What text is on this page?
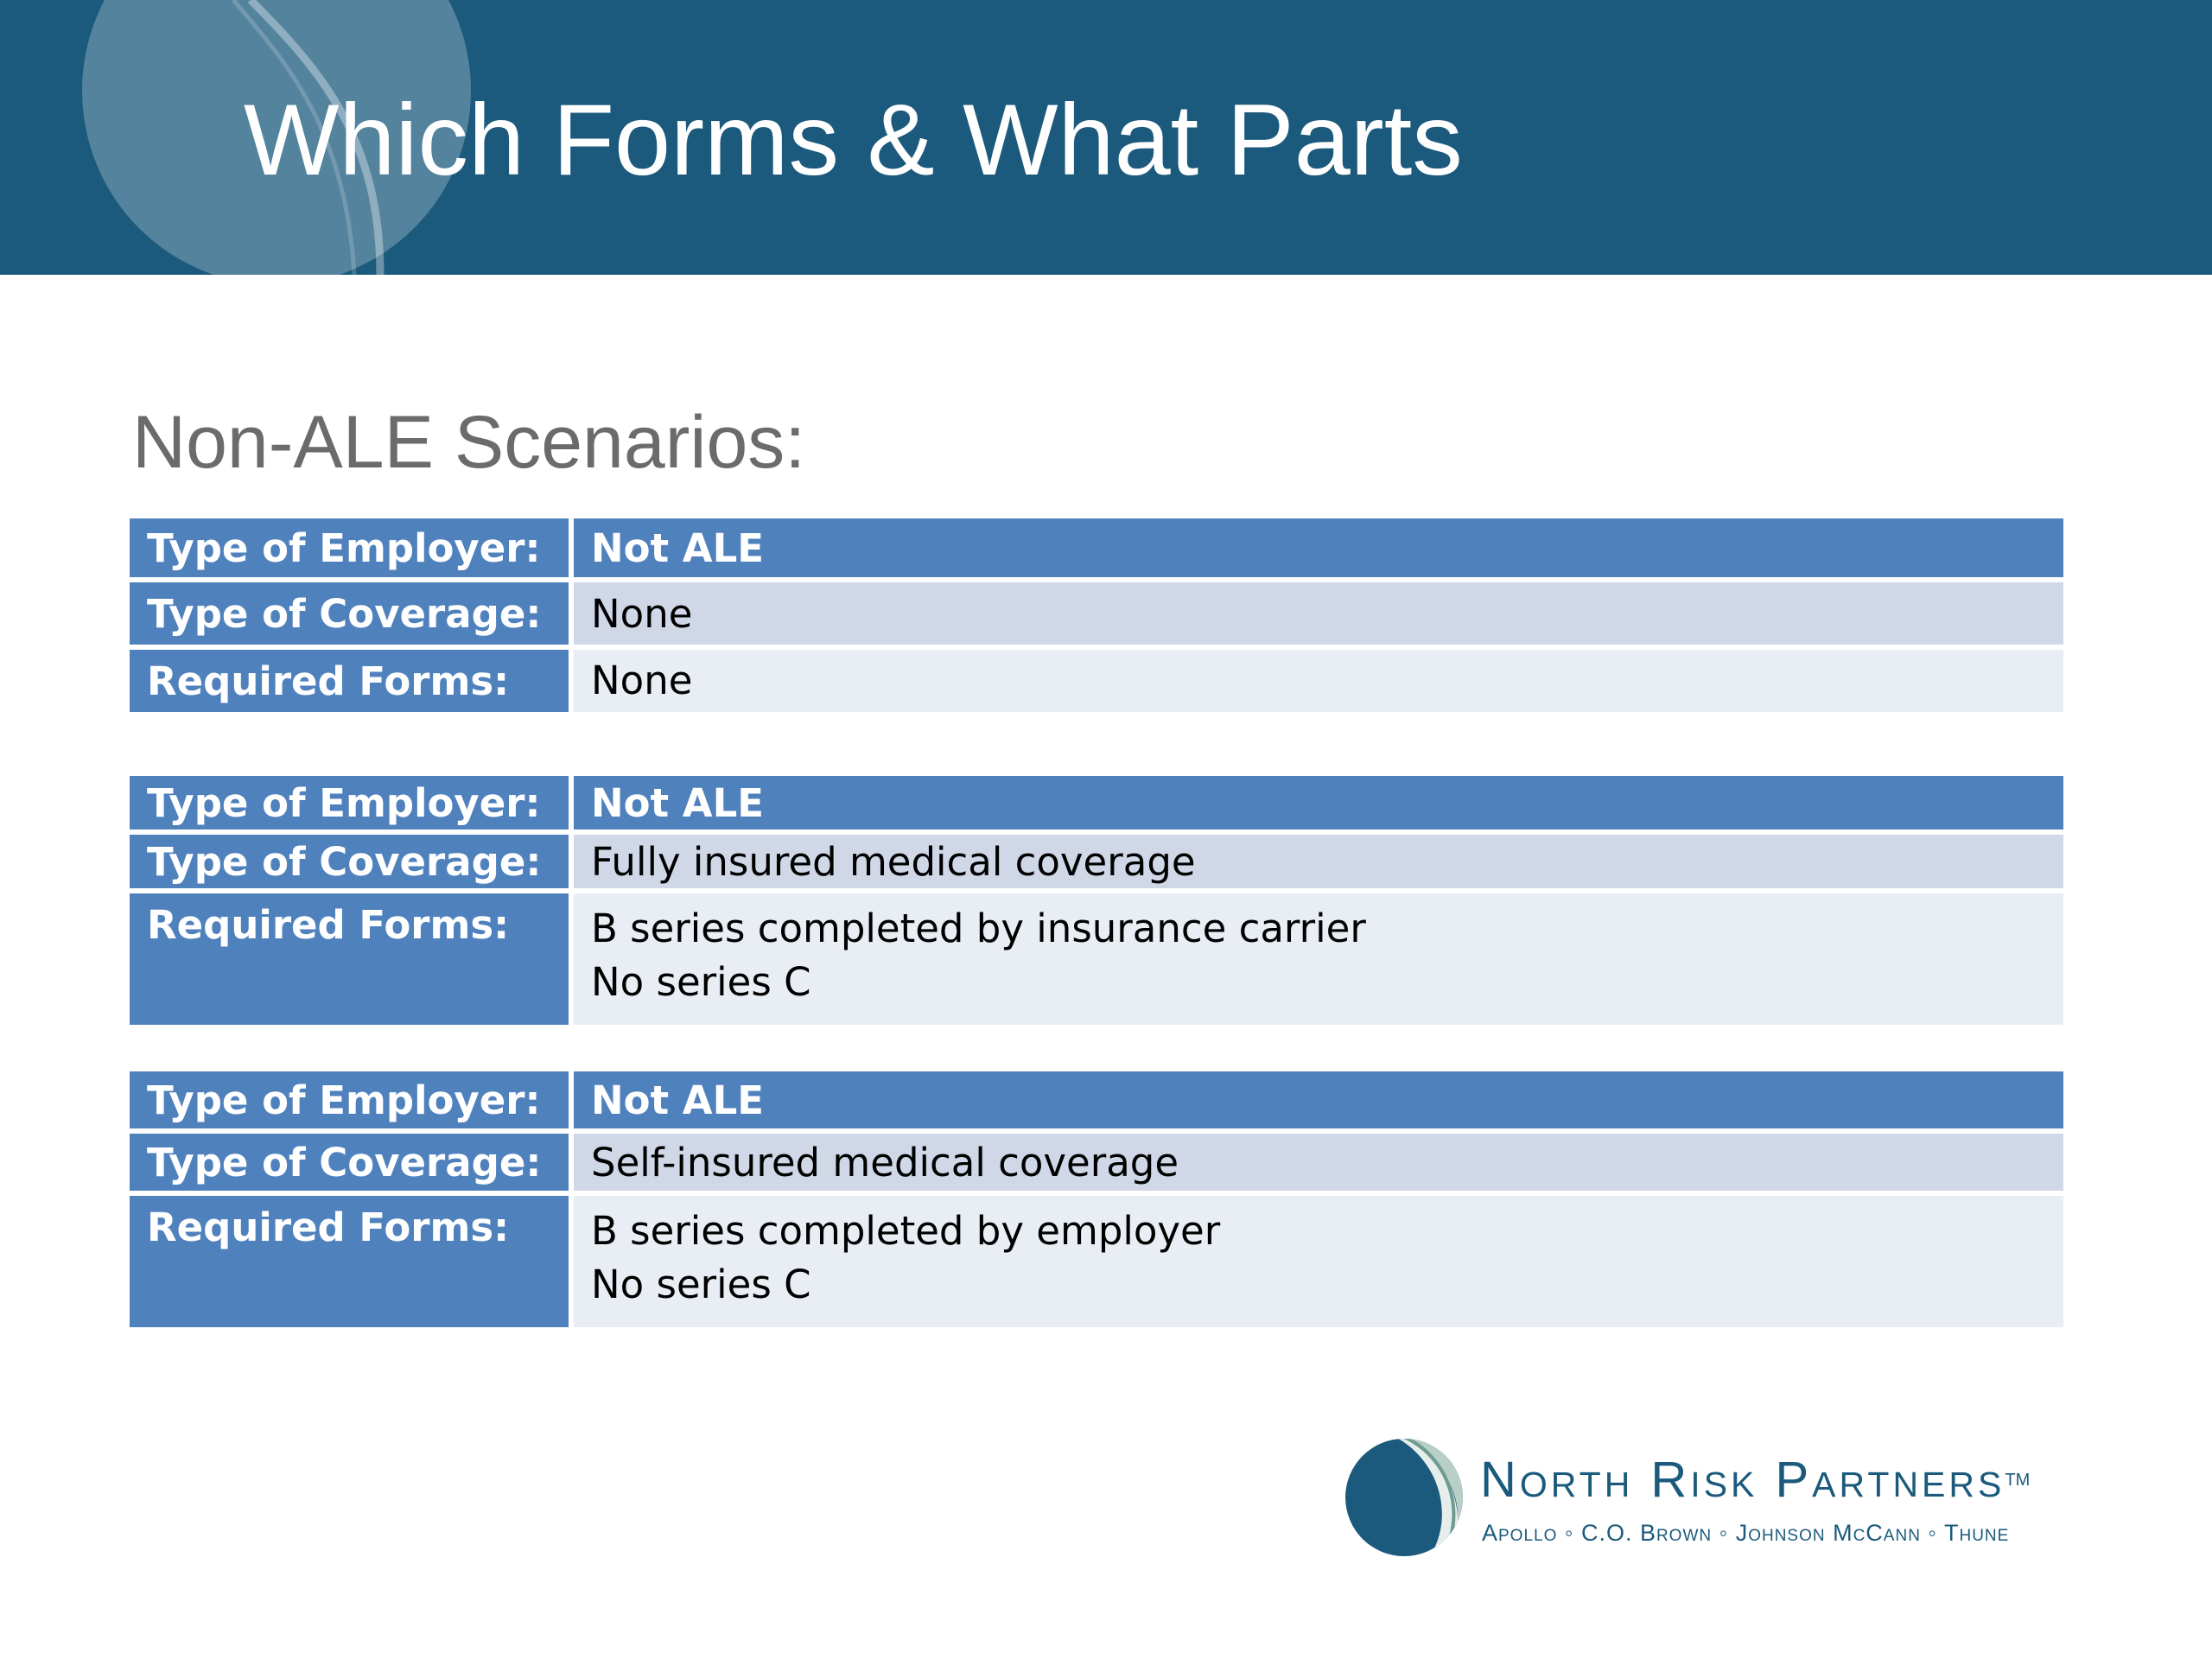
Which Forms & What Parts
Non-ALE Scenarios:
Type of Employer:	Not ALE
Type of Coverage:	None
Required Forms:	None
Type of Employer:	Not ALE
Type of Coverage:	Fully insured medical coverage
Required Forms:	B series completed by insurance carrier
No series C
Type of Employer:	Not ALE
Type of Coverage:	Self-insured medical coverage
Required Forms:	B series completed by employer
No series C

North Risk Partners™

Apollo ◦ C.O. Brown ◦ Johnson McCann ◦ Thune
